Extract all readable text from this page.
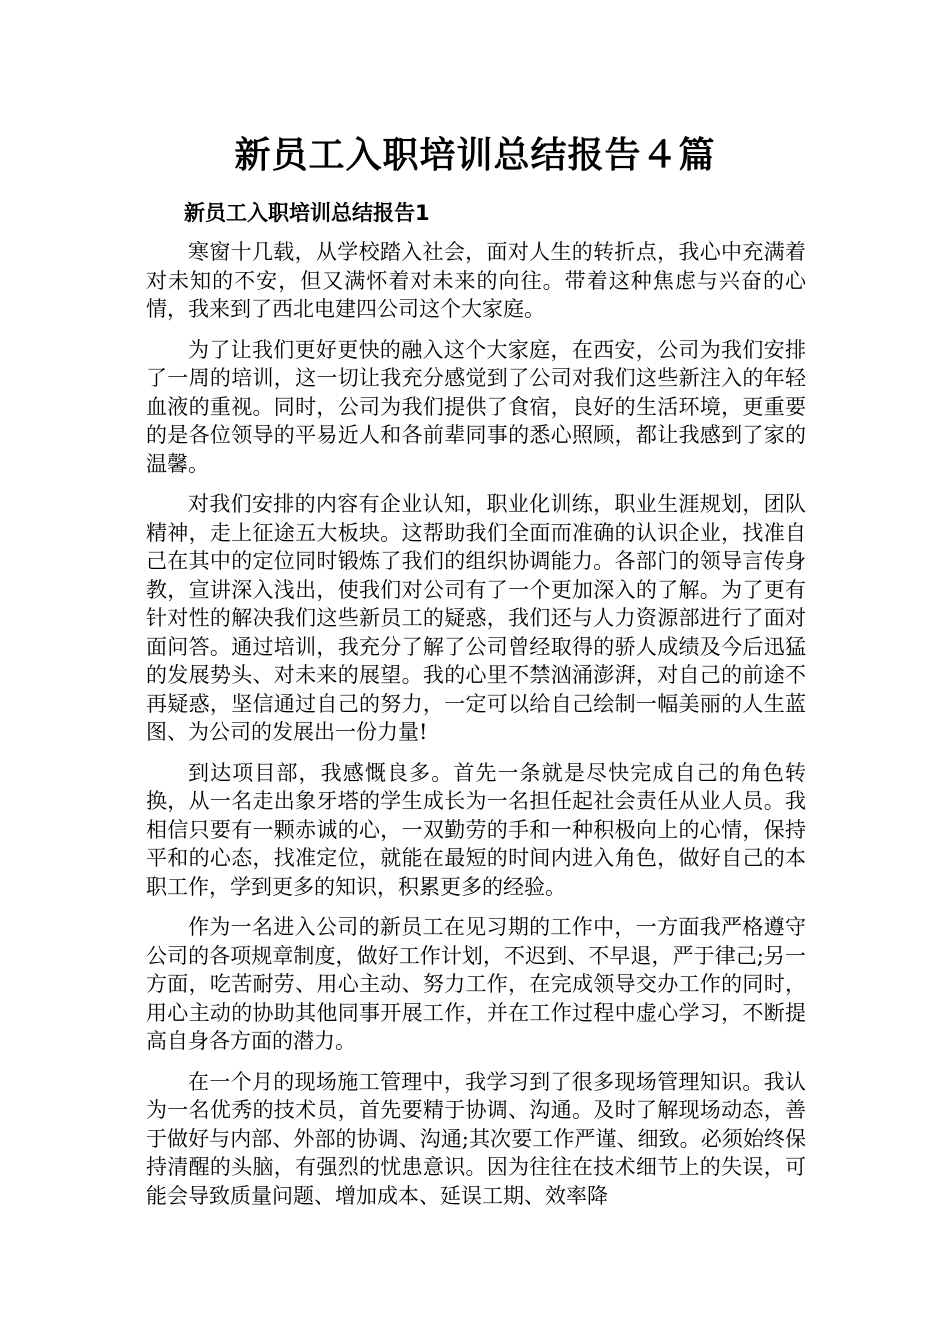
新员工入职培训总结报告４篇
新员工入职培训总结报告1

寒窗十几载，从学校踏入社会，面对人生的转折点，我心中充满着对未知的不安，但又满怀着对未来的向往。带着这种焦虑与兴奋的心情，我来到了西北电建四公司这个大家庭。

为了让我们更好更快的融入这个大家庭，在西安，公司为我们安排了一周的培训，这一切让我充分感觉到了公司对我们这些新注入的年轻血液的重视。同时，公司为我们提供了食宿，良好的生活环境，更重要的是各位领导的平易近人和各前辈同事的悉心照顾，都让我感到了家的温馨。

对我们安排的内容有企业认知，职业化训练，职业生涯规划，团队精神，走上征途五大板块。这帮助我们全面而准确的认识企业，找准自己在其中的定位同时锻炼了我们的组织协调能力。各部门的领导言传身教，宣讲深入浅出，使我们对公司有了一个更加深入的了解。为了更有针对性的解决我们这些新员工的疑惑，我们还与人力资源部进行了面对面问答。通过培训，我充分了解了公司曾经取得的骄人成绩及今后迅猛的发展势头、对未来的展望。我的心里不禁汹涌澎湃，对自己的前途不再疑惑，坚信通过自己的努力，一定可以给自己绘制一幅美丽的人生蓝图、为公司的发展出一份力量!

到达项目部，我感慨良多。首先一条就是尽快完成自己的角色转换，从一名走出象牙塔的学生成长为一名担任起社会责任从业人员。我相信只要有一颗赤诚的心，一双勤劳的手和一种积极向上的心情，保持平和的心态，找准定位，就能在最短的时间内进入角色，做好自己的本职工作，学到更多的知识，积累更多的经验。

作为一名进入公司的新员工在见习期的工作中，一方面我严格遵守公司的各项规章制度，做好工作计划，不迟到、不早退，严于律己;另一方面，吃苦耐劳、用心主动、努力工作，在完成领导交办工作的同时，用心主动的协助其他同事开展工作，并在工作过程中虚心学习，不断提高自身各方面的潜力。

在一个月的现场施工管理中，我学习到了很多现场管理知识。我认为一名优秀的技术员，首先要精于协调、沟通。及时了解现场动态，善于做好与内部、外部的协调、沟通;其次要工作严谨、细致。必须始终保持清醒的头脑，有强烈的忧患意识。因为往往在技术细节上的失误，可能会导致质量问题、增加成本、延误工期、效率降
